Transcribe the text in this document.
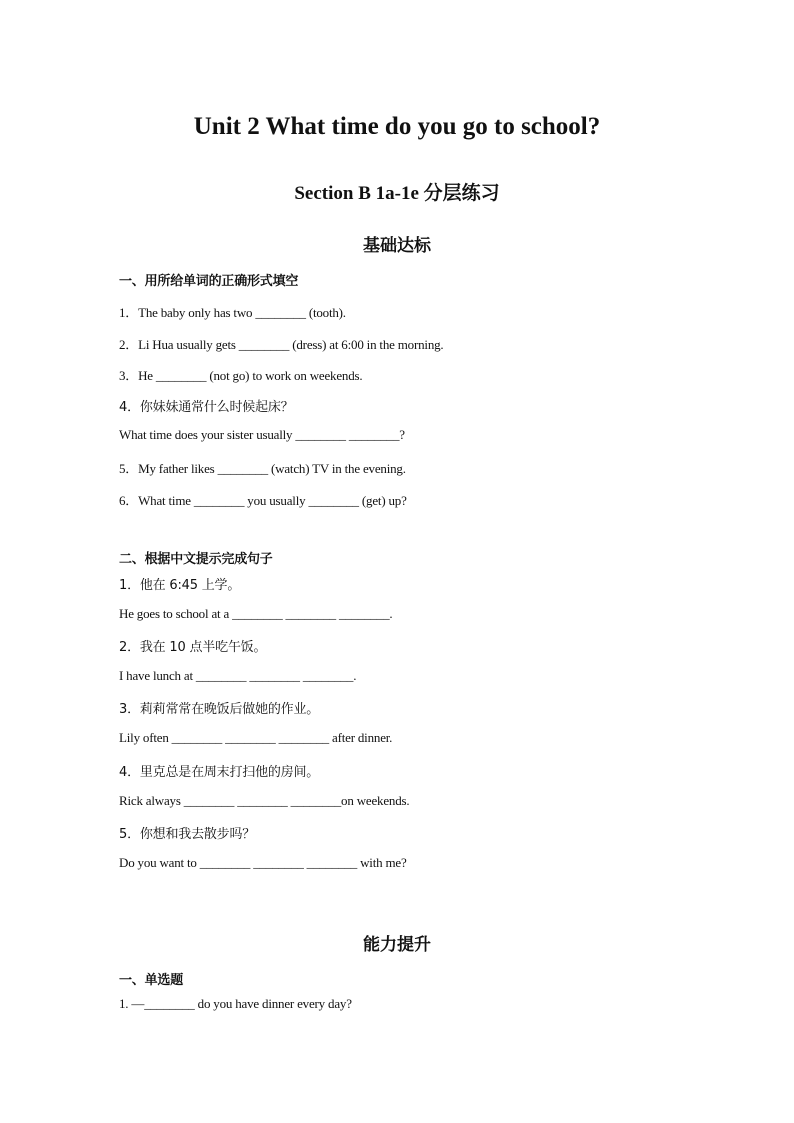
Unit 2 What time do you go to school?
Section B 1a-1e 分层练习
基础达标
一、用所给单词的正确形式填空
1．The baby only has two ________ (tooth).
2．Li Hua usually gets ________ (dress) at 6:00 in the morning.
3．He ________ (not go) to work on weekends.
4．你妹妹通常什么时候起床？
What time does your sister usually ________ ________?
5．My father likes ________ (watch) TV in the evening.
6．What time ________ you usually ________ (get) up?
二、根据中文提示完成句子
1．他在 6:45 上学。
He goes to school at a ________ ________ ________.
2．我在 10 点半吃午饭。
I have lunch at ________ ________ ________.
3．莉莉常常在晚饭后做她的作业。
Lily often ________ ________ ________ after dinner.
4．里克总是在周末打扫他的房间。
Rick always ________ ________ ________on weekends.
5．你想和我去散步吗？
Do you want to ________ ________ ________ with me?
能力提升
一、单选题
1. —________ do you have dinner every day?
